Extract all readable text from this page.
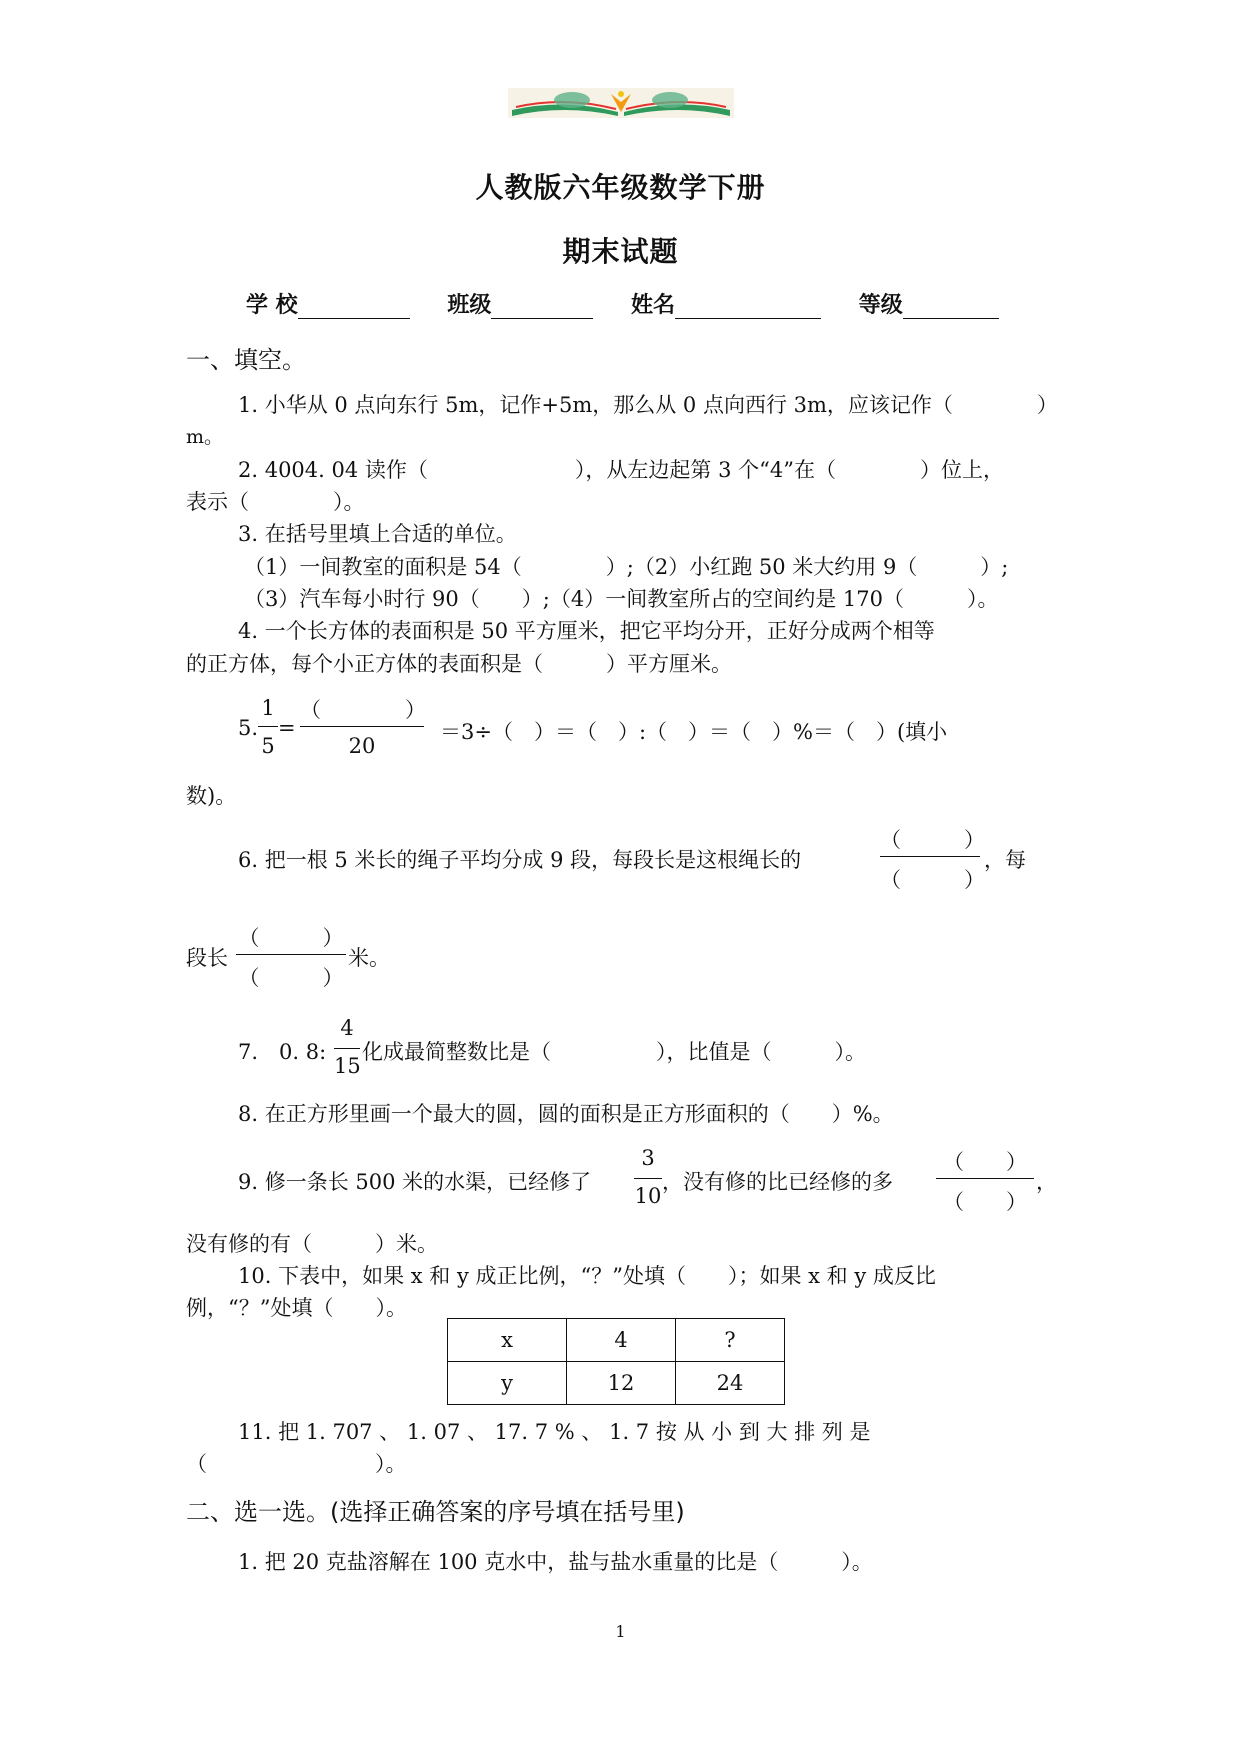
人教版六年级数学下册
期末试题
学 校	班级	姓名	等级
一、填空。
1. 小华从 0 点向东行 5m，记作+5m，那么从 0 点向西行 3m，应该记作（　　　　）
m。
2. 4004. 04 读作（　　　　　　　），从左边起第 3 个“4”在（　　　　）位上，
表示（　　　　）。
3. 在括号里填上合适的单位。
（1）一间教室的面积是 54（　　　　）;（2）小红跑 50 米大约用 9（　　　）;
（3）汽车每小时行 90（　　）;（4）一间教室所占的空间约是 170（　　　）。
4. 一个长方体的表面积是 50 平方厘米，把它平均分开，正好分成两个相等
的正方体，每个小正方体的表面积是（　　　）平方厘米。
5.
1
5
=
（　　　　）
20
＝3÷（　）＝（　）:（　）＝（　）%＝（　）(填小
数)。
6. 把一根 5 米长的绳子平均分成 9 段，每段长是这根绳长的
（　　　）
（　　　）
，每
段长
（　　　）
（　　　）
米。
7.　0. 8:
4
15
化成最简整数比是（　　　　　），比值是（　　　）。
8. 在正方形里画一个最大的圆，圆的面积是正方形面积的（　　）%。
9. 修一条长 500 米的水渠，已经修了
3
10
，没有修的比已经修的多
（　　）
（　　）
，
没有修的有（　　　）米。
10. 下表中，如果 x 和 y 成正比例，“？”处填（　　）；如果 x 和 y 成反比
例，“？”处填（　　）。
x	4	?
y	12	24
11. 把 1. 707 、 1. 07 、 17. 7 % 、 1. 7 按 从 小 到 大 排 列 是
（　　　　　　　　）。
二、选一选。(选择正确答案的序号填在括号里)
1. 把 20 克盐溶解在 100 克水中，盐与盐水重量的比是（　　　）。
1
